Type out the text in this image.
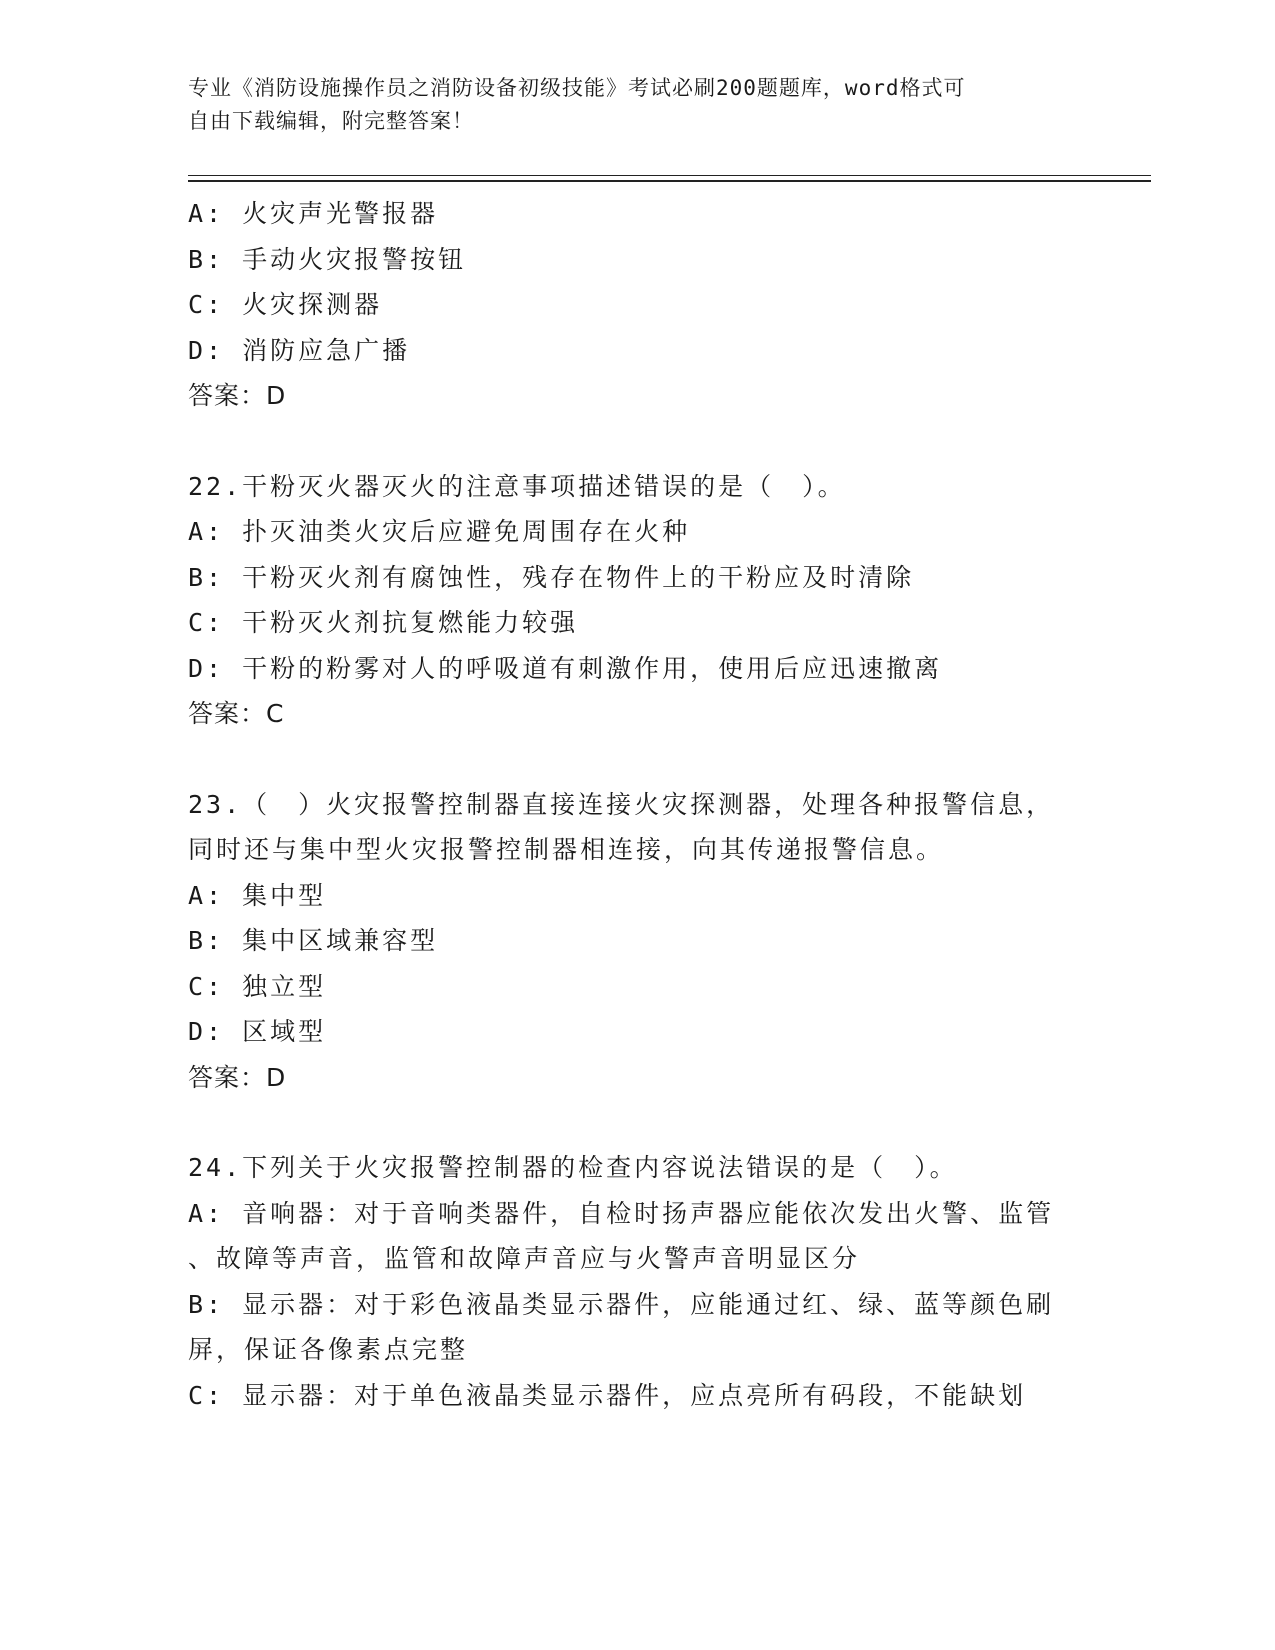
专业《消防设施操作员之消防设备初级技能》考试必刷200题题库，word格式可
自由下载编辑，附完整答案！
A: 火灾声光警报器
B: 手动火灾报警按钮
C: 火灾探测器
D: 消防应急广播
答案：D
22.干粉灭火器灭火的注意事项描述错误的是（　）。
A: 扑灭油类火灾后应避免周围存在火种
B: 干粉灭火剂有腐蚀性，残存在物件上的干粉应及时清除
C: 干粉灭火剂抗复燃能力较强
D: 干粉的粉雾对人的呼吸道有刺激作用，使用后应迅速撤离
答案：C
23.（　）火灾报警控制器直接连接火灾探测器，处理各种报警信息，
同时还与集中型火灾报警控制器相连接，向其传递报警信息。
A: 集中型
B: 集中区域兼容型
C: 独立型
D: 区域型
答案：D
24.下列关于火灾报警控制器的检查内容说法错误的是（　）。
A: 音响器：对于音响类器件，自检时扬声器应能依次发出火警、监管
、故障等声音，监管和故障声音应与火警声音明显区分
B: 显示器：对于彩色液晶类显示器件，应能通过红、绿、蓝等颜色刷
屏，保证各像素点完整
C: 显示器：对于单色液晶类显示器件，应点亮所有码段，不能缺划
